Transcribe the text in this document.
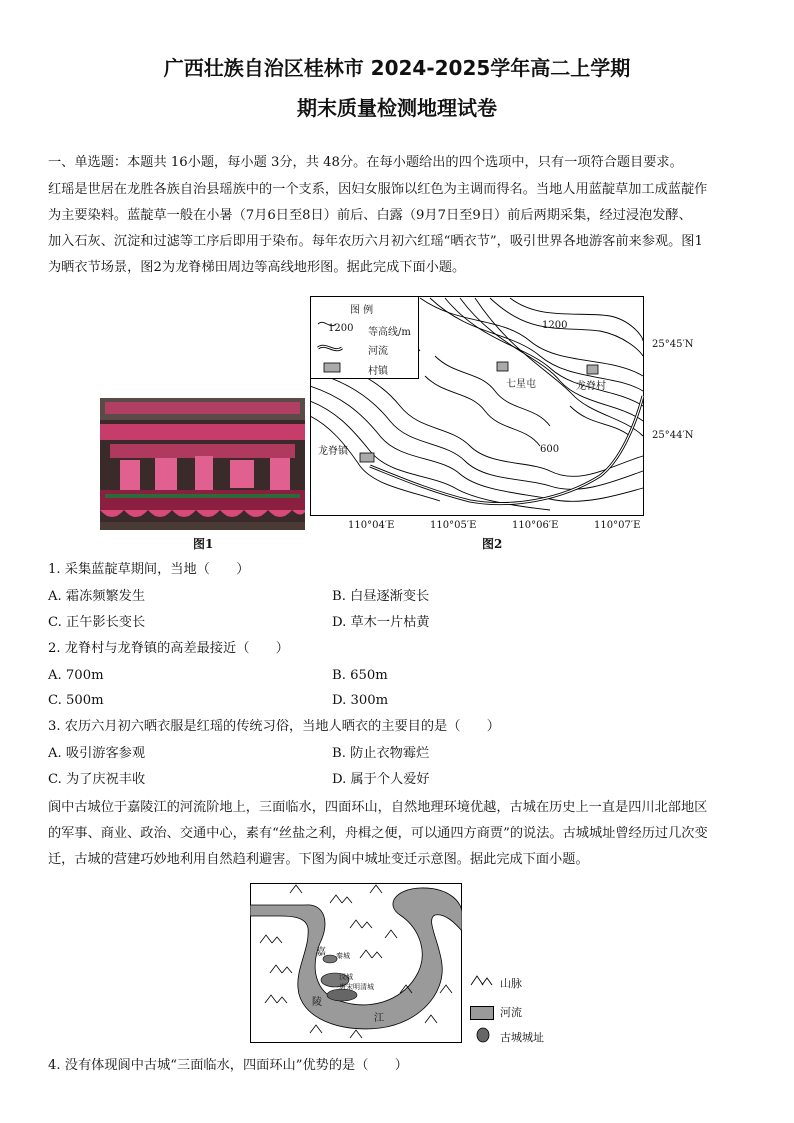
广西壮族自治区桂林市 2024-2025学年高二上学期
期末质量检测地理试卷
一、单选题：本题共 16小题，每小题 3分，共 48分。在每小题给出的四个选项中，只有一项符合题目要求。
红瑶是世居在龙胜各族自治县瑶族中的一个支系，因妇女服饰以红色为主调而得名。当地人用蓝靛草加工成蓝靛作
为主要染料。蓝靛草一般在小暑（7月6日至8日）前后、白露（9月7日至9日）前后两期采集，经过浸泡发酵、
加入石灰、沉淀和过滤等工序后即用于染布。每年农历六月初六红瑶“晒衣节”，吸引世界各地游客前来参观。图1
为晒衣节场景，图2为龙脊梯田周边等高线地形图。据此完成下面小题。
图1
图 例
1200 等高线/m
河流
村镇
1200
600
七星屯	龙脊村
龙脊镇
25°45′N
25°44′N
110°04′E	110°05′E	110°06′E	110°07′E
图2
1. 采集蓝靛草期间，当地（　　）
A. 霜冻频繁发生	B. 白昼逐渐变长
C. 正午影长变长	D. 草木一片枯黄
2. 龙脊村与龙脊镇的高差最接近（　　）
A. 700m	B. 650m
C. 500m	D. 300m
3. 农历六月初六晒衣服是红瑶的传统习俗，当地人晒衣的主要目的是（　　）
A. 吸引游客参观	B. 防止衣物霉烂
C. 为了庆祝丰收	D. 属于个人爱好
阆中古城位于嘉陵江的河流阶地上，三面临水，四面环山，自然地理环境优越，古城在历史上一直是四川北部地区
的军事、商业、政治、交通中心，素有“丝盐之利，舟楫之便，可以通四方商贾”的说法。古城城址曾经历过几次变
迁，古城的营建巧妙地利用自然趋利避害。下图为阆中城址变迁示意图。据此完成下面小题。
嘉
陵
江
秦城
汉城
唐宋明清城	山脉
河流
古城城址
4. 没有体现阆中古城“三面临水，四面环山”优势的是（　　）
